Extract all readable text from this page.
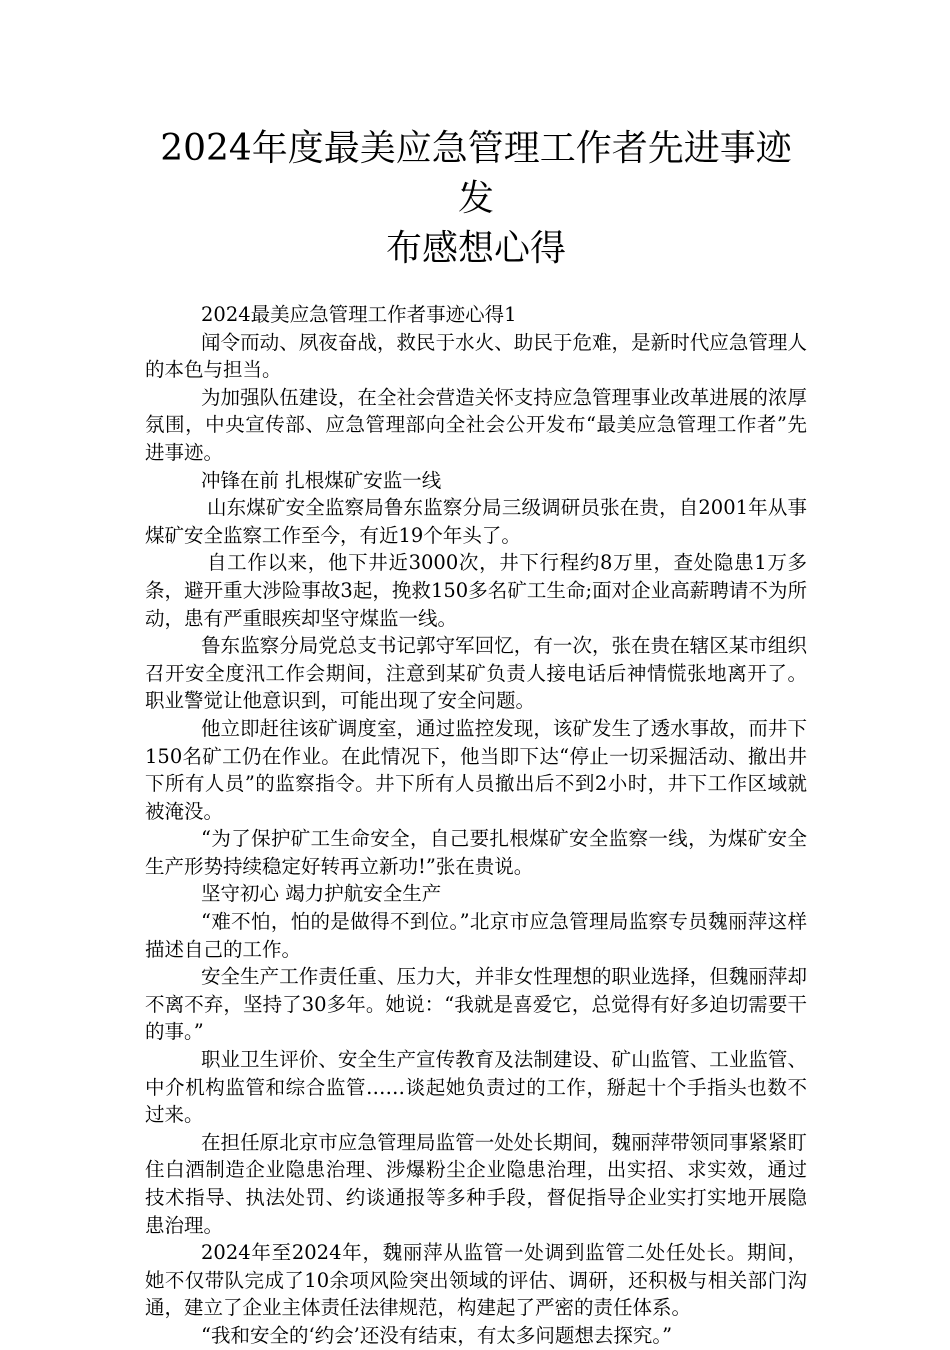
2024年度最美应急管理工作者先进事迹发
布感想心得

2024最美应急管理工作者事迹心得1

闻令而动、夙夜奋战，救民于水火、助民于危难，是新时代应急管理人的本色与担当。

为加强队伍建设，在全社会营造关怀支持应急管理事业改革进展的浓厚氛围，中央宣传部、应急管理部向全社会公开发布“最美应急管理工作者”先进事迹。

冲锋在前 扎根煤矿安监一线

山东煤矿安全监察局鲁东监察分局三级调研员张在贵，自2001年从事煤矿安全监察工作至今，有近19个年头了。

自工作以来，他下井近3000次，井下行程约8万里，查处隐患1万多条，避开重大涉险事故3起，挽救150多名矿工生命;面对企业高薪聘请不为所动，患有严重眼疾却坚守煤监一线。

鲁东监察分局党总支书记郭守军回忆，有一次，张在贵在辖区某市组织召开安全度汛工作会期间，注意到某矿负责人接电话后神情慌张地离开了。职业警觉让他意识到，可能出现了安全问题。

他立即赶往该矿调度室，通过监控发现，该矿发生了透水事故，而井下150名矿工仍在作业。在此情况下，他当即下达“停止一切采掘活动、撤出井下所有人员”的监察指令。井下所有人员撤出后不到2小时，井下工作区域就被淹没。

“为了保护矿工生命安全，自己要扎根煤矿安全监察一线，为煤矿安全生产形势持续稳定好转再立新功!”张在贵说。

坚守初心 竭力护航安全生产

“难不怕，怕的是做得不到位。”北京市应急管理局监察专员魏丽萍这样描述自己的工作。

安全生产工作责任重、压力大，并非女性理想的职业选择，但魏丽萍却不离不弃，坚持了30多年。她说：“我就是喜爱它，总觉得有好多迫切需要干的事。”

职业卫生评价、安全生产宣传教育及法制建设、矿山监管、工业监管、中介机构监管和综合监管……谈起她负责过的工作，掰起十个手指头也数不过来。

在担任原北京市应急管理局监管一处处长期间，魏丽萍带领同事紧紧盯住白酒制造企业隐患治理、涉爆粉尘企业隐患治理，出实招、求实效，通过技术指导、执法处罚、约谈通报等多种手段，督促指导企业实打实地开展隐患治理。

2024年至2024年，魏丽萍从监管一处调到监管二处任处长。期间，她不仅带队完成了10余项风险突出领域的评估、调研，还积极与相关部门沟通，建立了企业主体责任法律规范，构建起了严密的责任体系。

“我和安全的‘约会’还没有结束，有太多问题想去探究。”
